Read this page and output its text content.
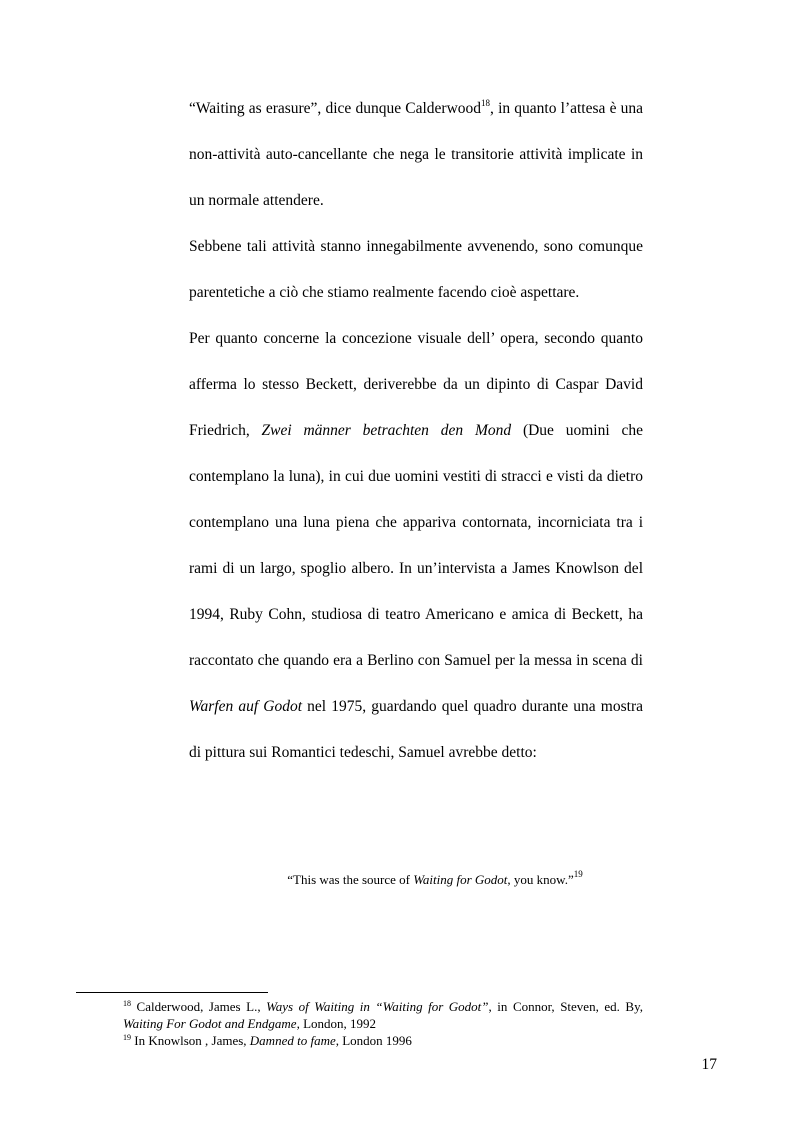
“Waiting as erasure”, dice dunque Calderwood$^{18}$, in quanto l’attesa è una non-attività auto-cancellante che nega le transitorie attività implicate in un normale attendere.

Sebbene tali attività stanno innegabilmente avvenendo, sono comunque parentetiche a ciò che stiamo realmente facendo cioè aspettare.

Per quanto concerne la concezione visuale dell’ opera, secondo quanto afferma lo stesso Beckett, deriverebbe da un dipinto di Caspar David Friedrich, Zwei männer betrachten den Mond (Due uomini che contemplano la luna), in cui due uomini vestiti di stracci e visti da dietro contemplano una luna piena che appariva contornata, incorniciata tra i rami di un largo, spoglio albero. In un’intervista a James Knowlson del 1994, Ruby Cohn, studiosa di teatro Americano e amica di Beckett, ha raccontato che quando era a Berlino con Samuel per la messa in scena di Warfen auf Godot nel 1975, guardando quel quadro durante una mostra di pittura sui Romantici tedeschi, Samuel avrebbe detto:

“This was the source of Waiting for Godot, you know.”$^{19}$

$^{18}$ Calderwood, James L., Ways of Waiting in “Waiting for Godot”, in Connor, Steven, ed. By, Waiting For Godot and Endgame, London, 1992

$^{19}$ In Knowlson , James, Damned to fame, London 1996

17
